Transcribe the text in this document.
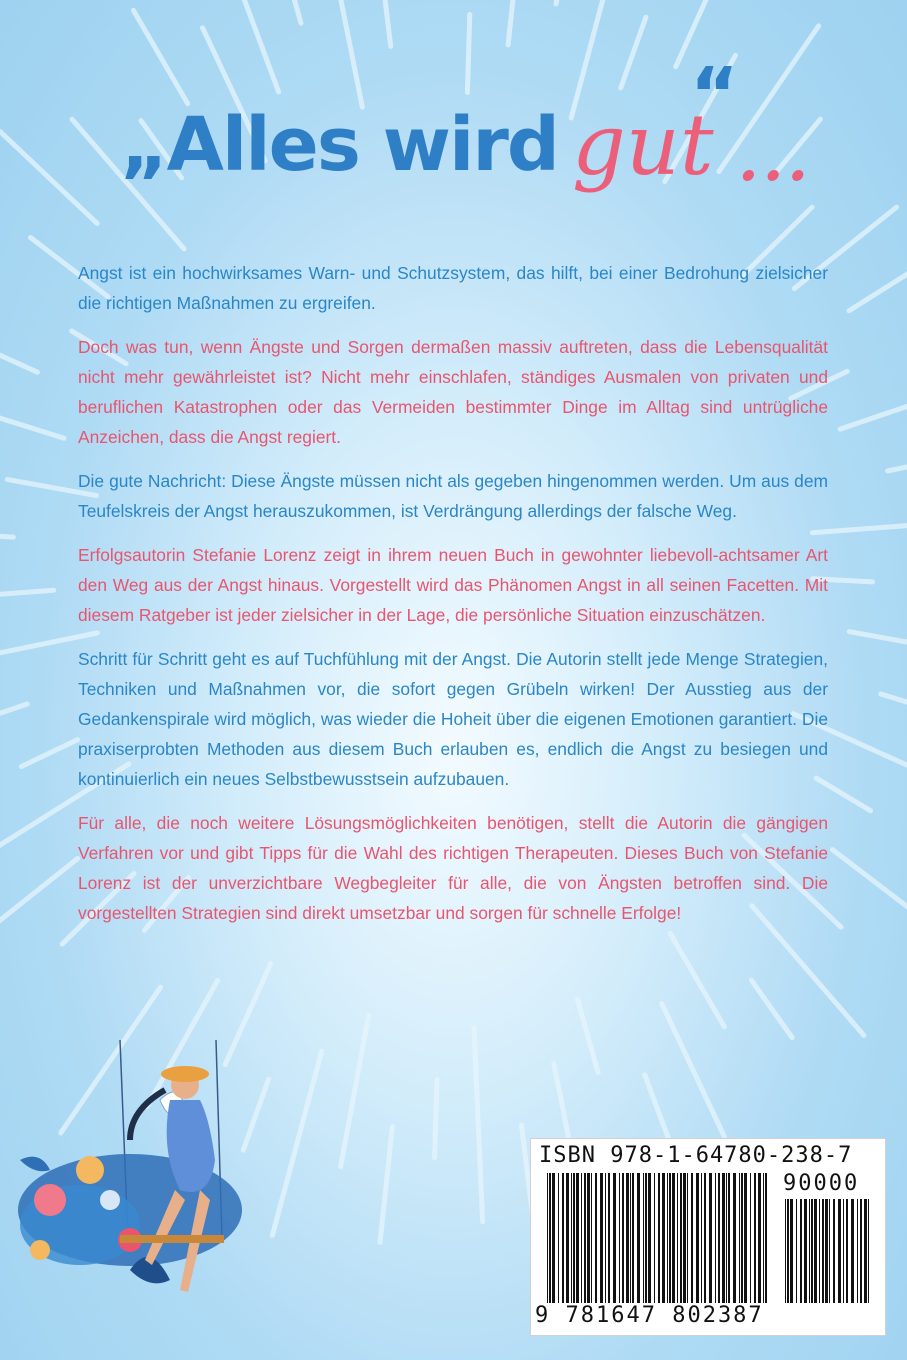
„Alles wird gut ...
“

Angst ist ein hochwirksames Warn- und Schutzsystem, das hilft, bei einer Bedrohung zielsicher die richtigen Maßnahmen zu ergreifen.

Doch was tun, wenn Ängste und Sorgen dermaßen massiv auftreten, dass die Lebensqualität nicht mehr gewährleistet ist? Nicht mehr einschlafen, ständiges Ausmalen von privaten und beruflichen Katastrophen oder das Vermeiden bestimmter Dinge im Alltag sind untrügliche Anzeichen, dass die Angst regiert.

Die gute Nachricht: Diese Ängste müssen nicht als gegeben hingenommen werden. Um aus dem Teufelskreis der Angst herauszukommen, ist Verdrängung allerdings der falsche Weg.

Erfolgsautorin Stefanie Lorenz zeigt in ihrem neuen Buch in gewohnter liebevoll-achtsamer Art den Weg aus der Angst hinaus. Vorgestellt wird das Phänomen Angst in all seinen Facetten. Mit diesem Ratgeber ist jeder zielsicher in der Lage, die persönliche Situation einzuschätzen.

Schritt für Schritt geht es auf Tuchfühlung mit der Angst. Die Autorin stellt jede Menge Strategien, Techniken und Maßnahmen vor, die sofort gegen Grübeln wirken! Der Ausstieg aus der Gedankenspirale wird möglich, was wieder die Hoheit über die eigenen Emotionen garantiert. Die praxiserprobten Methoden aus diesem Buch erlauben es, endlich die Angst zu besiegen und kontinuierlich ein neues Selbstbewusstsein aufzubauen.

Für alle, die noch weitere Lösungsmöglichkeiten benötigen, stellt die Autorin die gängigen Verfahren vor und gibt Tipps für die Wahl des richtigen Therapeuten. Dieses Buch von Stefanie Lorenz ist der unverzichtbare Wegbegleiter für alle, die von Ängsten betroffen sind. Die vorgestellten Strategien sind direkt umsetzbar und sorgen für schnelle Erfolge!

ISBN 978-1-64780-238-7
90000
9 781647 802387
